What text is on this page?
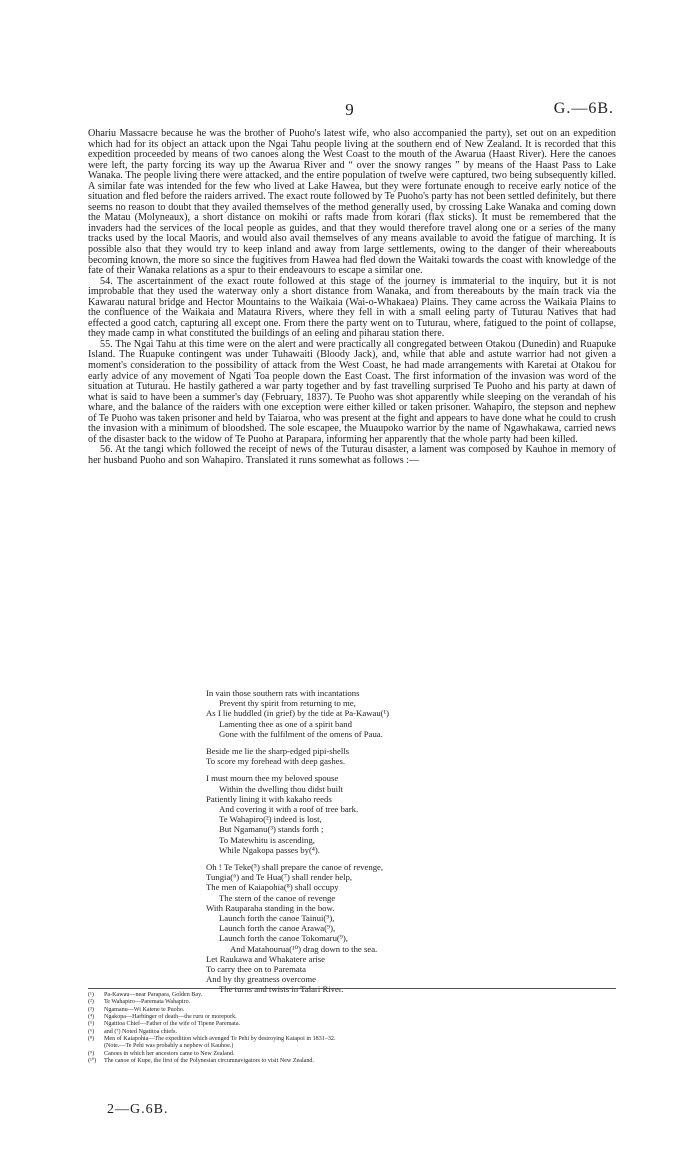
9	G.—6B.

Ohariu Massacre because he was the brother of Puoho's latest wife, who also accompanied the party), set out on an expedition which had for its object an attack upon the Ngai Tahu people living at the southern end of New Zealand. It is recorded that this expedition proceeded by means of two canoes along the West Coast to the mouth of the Awarua (Haast River). Here the canoes were left, the party forcing its way up the Awarua River and “ over the snowy ranges ” by means of the Haast Pass to Lake Wanaka. The people living there were attacked, and the entire population of twelve were captured, two being subsequently killed. A similar fate was intended for the few who lived at Lake Hawea, but they were fortunate enough to receive early notice of the situation and fled before the raiders arrived. The exact route followed by Te Puoho's party has not been settled definitely, but there seems no reason to doubt that they availed themselves of the method generally used, by crossing Lake Wanaka and coming down the Matau (Molyneaux), a short distance on mokihi or rafts made from korari (flax sticks). It must be remembered that the invaders had the services of the local people as guides, and that they would therefore travel along one or a series of the many tracks used by the local Maoris, and would also avail themselves of any means available to avoid the fatigue of marching. It is possible also that they would try to keep inland and away from large settlements, owing to the danger of their whereabouts becoming known, the more so since the fugitives from Hawea had fled down the Waitaki towards the coast with knowledge of the fate of their Wanaka relations as a spur to their endeavours to escape a similar one.

54. The ascertainment of the exact route followed at this stage of the journey is immaterial to the inquiry, but it is not improbable that they used the waterway only a short distance from Wanaka, and from thereabouts by the main track via the Kawarau natural bridge and Hector Mountains to the Waikaia (Wai-o-Whakaea) Plains. They came across the Waikaia Plains to the confluence of the Waikaia and Mataura Rivers, where they fell in with a small eeling party of Tuturau Natives that had effected a good catch, capturing all except one. From there the party went on to Tuturau, where, fatigued to the point of collapse, they made camp in what constituted the buildings of an eeling and piharau station there.

55. The Ngai Tahu at this time were on the alert and were practically all congregated between Otakou (Dunedin) and Ruapuke Island. The Ruapuke contingent was under Tuhawaiti (Bloody Jack), and, while that able and astute warrior had not given a moment's consideration to the possibility of attack from the West Coast, he had made arrangements with Karetai at Otakou for early advice of any movement of Ngati Toa people down the East Coast. The first information of the invasion was word of the situation at Tuturau. He hastily gathered a war party together and by fast travelling surprised Te Puoho and his party at dawn of what is said to have been a summer's day (February, 1837). Te Puoho was shot apparently while sleeping on the verandah of his whare, and the balance of the raiders with one exception were either killed or taken prisoner. Wahapiro, the stepson and nephew of Te Puoho was taken prisoner and held by Taiaroa, who was present at the fight and appears to have done what he could to crush the invasion with a minimum of bloodshed. The sole escapee, the Muaupoko warrior by the name of Ngawhakawa, carried news of the disaster back to the widow of Te Puoho at Parapara, informing her apparently that the whole party had been killed.

56. At the tangi which followed the receipt of news of the Tuturau disaster, a lament was composed by Kauhoe in memory of her husband Puoho and son Wahapiro. Translated it runs somewhat as follows :—

In vain those southern rats with incantations
Prevent thy spirit from returning to me,
As I lie huddled (in grief) by the tide at Pa-Kawau(¹)
Lamenting thee as one of a spirit band
Gone with the fulfilment of the omens of Paua.
Beside me lie the sharp-edged pipi-shells
To score my forehead with deep gashes.
I must mourn thee my beloved spouse
Within the dwelling thou didst built
Patiently lining it with kakaho reeds
And covering it with a roof of tree bark.
Te Wahapiro(²) indeed is lost,
But Ngamanu(³) stands forth ;
To Matewhitu is ascending,
While Ngakopa passes by(⁴).
Oh ! Te Teke(⁵) shall prepare the canoe of revenge,
Tungia(⁶) and Te Hua(⁷) shall render help,
The men of Kaiapohia(⁸) shall occupy
The stern of the canoe of revenge
With Rauparaha standing in the bow.
Launch forth the canoe Tainui(⁹),
Launch forth the canoe Arawa(⁹),
Launch forth the canoe Tokomaru(⁹),
And Matahourua(¹⁰) drag down to the sea.
Let Raukawa and Whakatere arise
To carry thee on to Paremata
And by thy greatness overcome
The turns and twists in Talari River.
(¹) Pa-Kawau—near Parapara, Golden Bay.
(²) Te Wahapiro—Paremata Wahapiro.
(³) Ngamanu—Wi Katene te Puoho.
(⁴) Ngakopa—Harbinger of death—the ruru or morepork.
(⁵) Ngatitoa Chief—Father of the wife of Tipene Paremata.
(⁶) and (⁷) Noted Ngatitoa chiefs.
(⁸) Men of Kaiapohia—The expedition which avenged Te Pehi by destroying Kaiapoi in 1831–32.
(Note.—Te Pehi was probably a nephew of Kauhoe.)
(⁹) Canoes in which her ancestors came to New Zealand.
(¹⁰) The canoe of Kupe, the first of the Polynesian circumnavigators to visit New Zealand.
2—G.6B.
